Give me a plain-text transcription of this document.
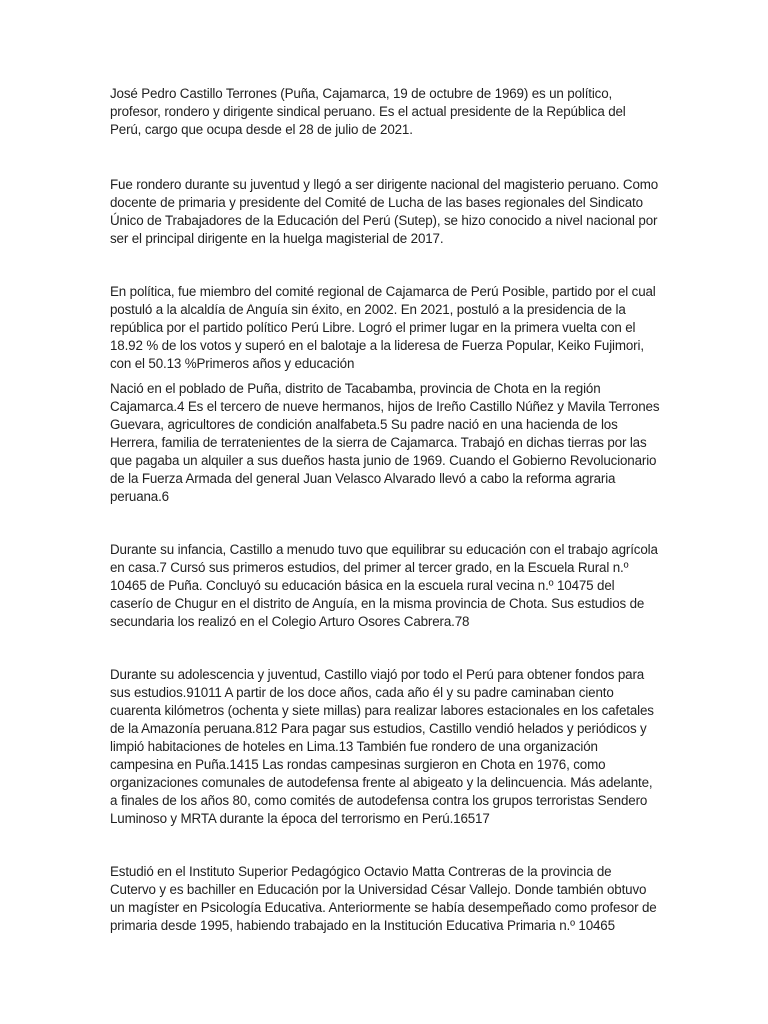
José Pedro Castillo Terrones (Puña, Cajamarca, 19 de octubre de 1969) es un político, profesor, rondero y dirigente sindical peruano. Es el actual presidente de la República del Perú, cargo que ocupa desde el 28 de julio de 2021.

Fue rondero durante su juventud y llegó a ser dirigente nacional del magisterio peruano. Como docente de primaria y presidente del Comité de Lucha de las bases regionales del Sindicato Único de Trabajadores de la Educación del Perú (Sutep), se hizo conocido a nivel nacional por ser el principal dirigente en la huelga magisterial de 2017.

En política, fue miembro del comité regional de Cajamarca de Perú Posible, partido por el cual postuló a la alcaldía de Anguía sin éxito, en 2002. En 2021, postuló a la presidencia de la república por el partido político Perú Libre. Logró el primer lugar en la primera vuelta con el 18.92 % de los votos y superó en el balotaje a la lideresa de Fuerza Popular, Keiko Fujimori, con el 50.13 %Primeros años y educación

Nació en el poblado de Puña, distrito de Tacabamba, provincia de Chota en la región Cajamarca.4 Es el tercero de nueve hermanos, hijos de Ireño Castillo Núñez y Mavila Terrones Guevara, agricultores de condición analfabeta.5 Su padre nació en una hacienda de los Herrera, familia de terratenientes de la sierra de Cajamarca. Trabajó en dichas tierras por las que pagaba un alquiler a sus dueños hasta junio de 1969. Cuando el Gobierno Revolucionario de la Fuerza Armada del general Juan Velasco Alvarado llevó a cabo la reforma agraria peruana.6

Durante su infancia, Castillo a menudo tuvo que equilibrar su educación con el trabajo agrícola en casa.7 Cursó sus primeros estudios, del primer al tercer grado, en la Escuela Rural n.º 10465 de Puña. Concluyó su educación básica en la escuela rural vecina n.º 10475 del caserío de Chugur en el distrito de Anguía, en la misma provincia de Chota. Sus estudios de secundaria los realizó en el Colegio Arturo Osores Cabrera.78

Durante su adolescencia y juventud, Castillo viajó por todo el Perú para obtener fondos para sus estudios.91011 A partir de los doce años, cada año él y su padre caminaban ciento cuarenta kilómetros (ochenta y siete millas) para realizar labores estacionales en los cafetales de la Amazonía peruana.812 Para pagar sus estudios, Castillo vendió helados y periódicos y limpió habitaciones de hoteles en Lima.13 También fue rondero de una organización campesina en Puña.1415 Las rondas campesinas surgieron en Chota en 1976, como organizaciones comunales de autodefensa frente al abigeato y la delincuencia. Más adelante, a finales de los años 80, como comités de autodefensa contra los grupos terroristas Sendero Luminoso y MRTA durante la época del terrorismo en Perú.16517

Estudió en el Instituto Superior Pedagógico Octavio Matta Contreras de la provincia de Cutervo y es bachiller en Educación por la Universidad César Vallejo. Donde también obtuvo un magíster en Psicología Educativa. Anteriormente se había desempeñado como profesor de primaria desde 1995, habiendo trabajado en la Institución Educativa Primaria n.º 10465
